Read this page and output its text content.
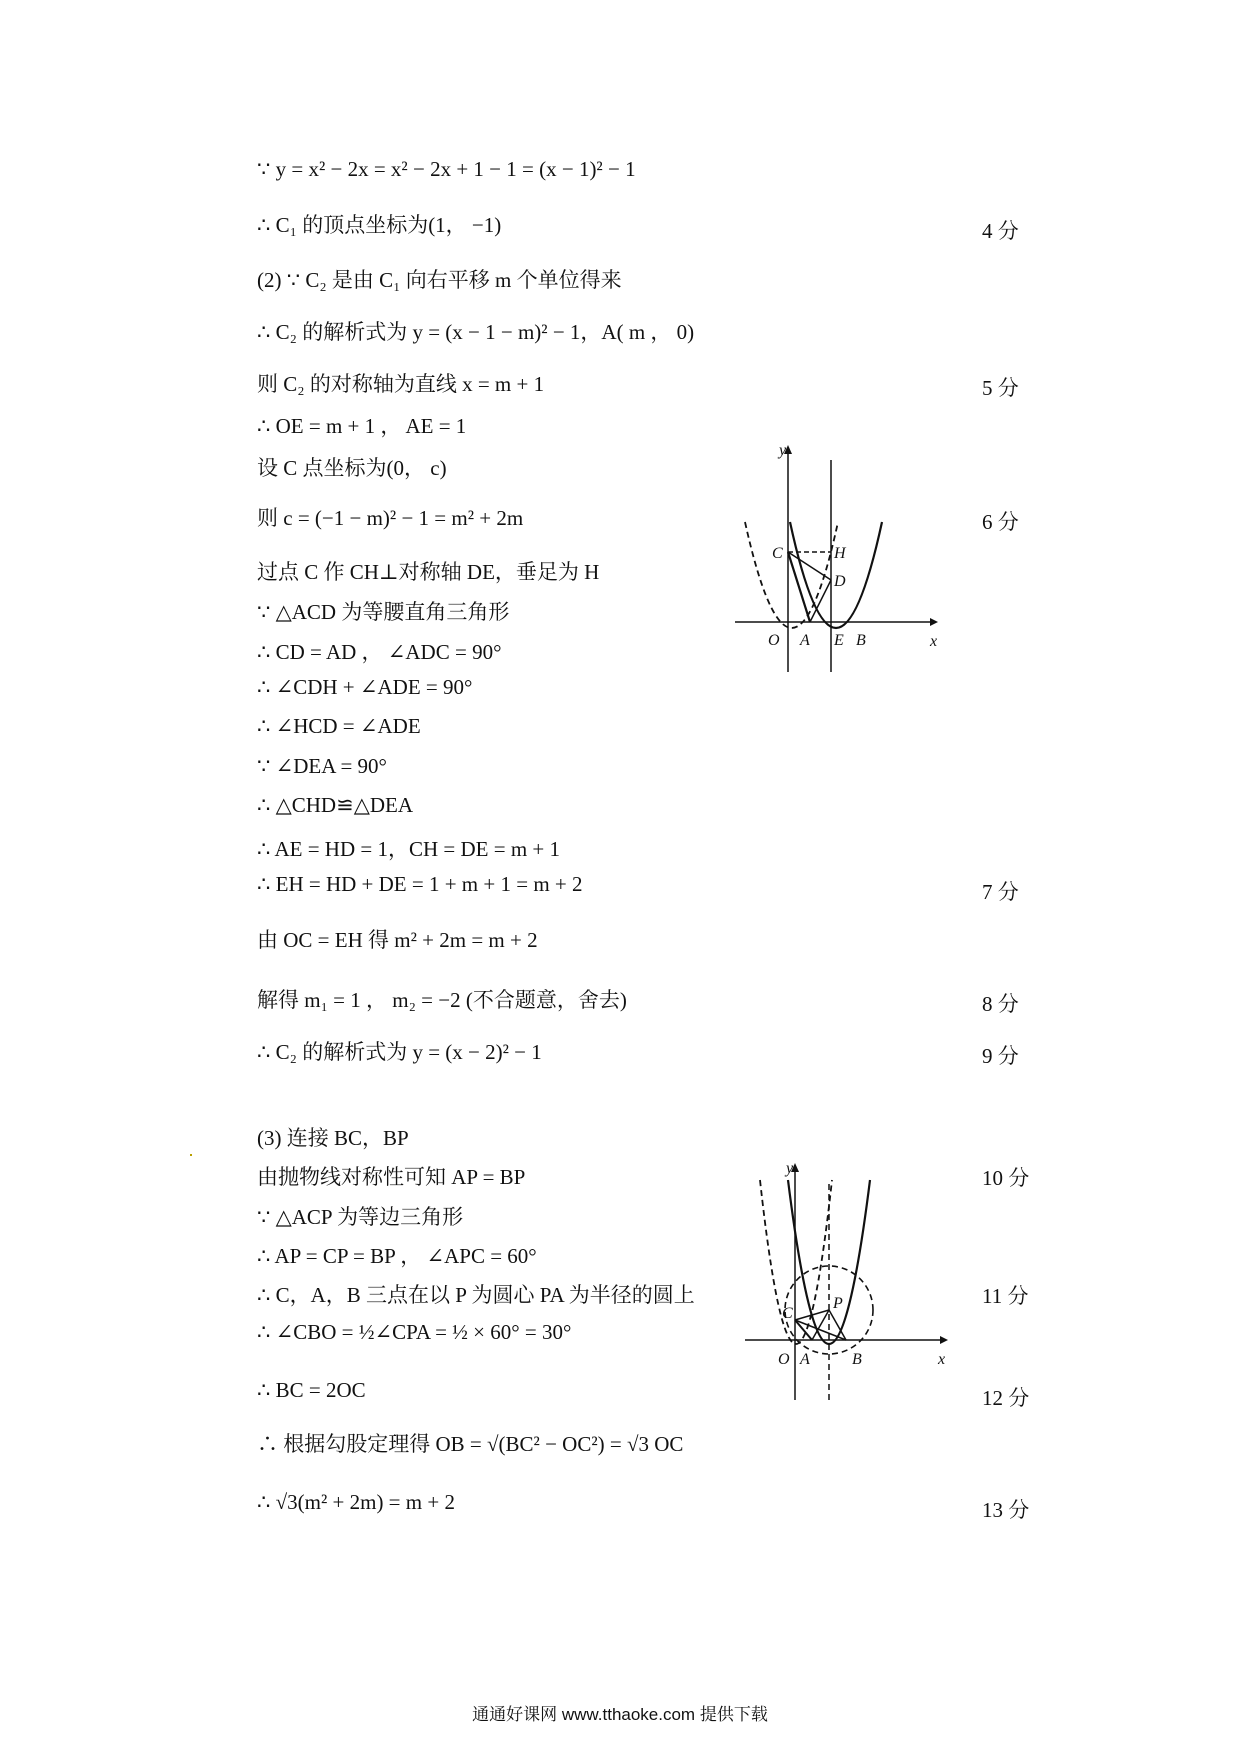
∵ y = x² − 2x = x² − 2x + 1 − 1 = (x − 1)² − 1
∴ C₁ 的顶点坐标为(1， −1)	4 分
(2) ∵ C₂ 是由 C₁ 向右平移 m 个单位得来
∴ C₂ 的解析式为 y = (x − 1 − m)² − 1，A( m ， 0)
则 C₂ 的对称轴为直线 x = m + 1	5 分
∴ OE = m + 1 ， AE = 1
设 C 点坐标为(0， c)
则 c = (−1 − m)² − 1 = m² + 2m	6 分
过点 C 作 CH⊥对称轴 DE，垂足为 H
∵ △ACD 为等腰直角三角形
∴ CD = AD ， ∠ADC = 90°
∴ ∠CDH + ∠ADE = 90°
∴ ∠HCD = ∠ADE
∵ ∠DEA = 90°
∴ △CHD≌△DEA
∴ AE = HD = 1，CH = DE = m + 1
∴ EH = HD + DE = 1 + m + 1 = m + 2	7 分
由 OC = EH 得 m² + 2m = m + 2
解得 m₁ = 1 ， m₂ = −2 (不合题意，舍去)	8 分
∴ C₂ 的解析式为 y = (x − 2)² − 1	9 分
(3) 连接 BC，BP
由抛物线对称性可知 AP = BP	10 分
∵ △ACP 为等边三角形
∴ AP = CP = BP ， ∠APC = 60°
∴ C，A，B 三点在以 P 为圆心 PA 为半径的圆上	11 分
∴ ∠CBO = ½∠CPA = ½ × 60° = 30°
∴ BC = 2OC	12 分
∴ 根据勾股定理得 OB = √(BC² − OC²) = √3 OC
∴ √3(m² + 2m) = m + 2	13 分
y
x
O A E B
C	H
D
y
x
O A	B
C
P
通通好课网 www.tthaoke.com 提供下载
